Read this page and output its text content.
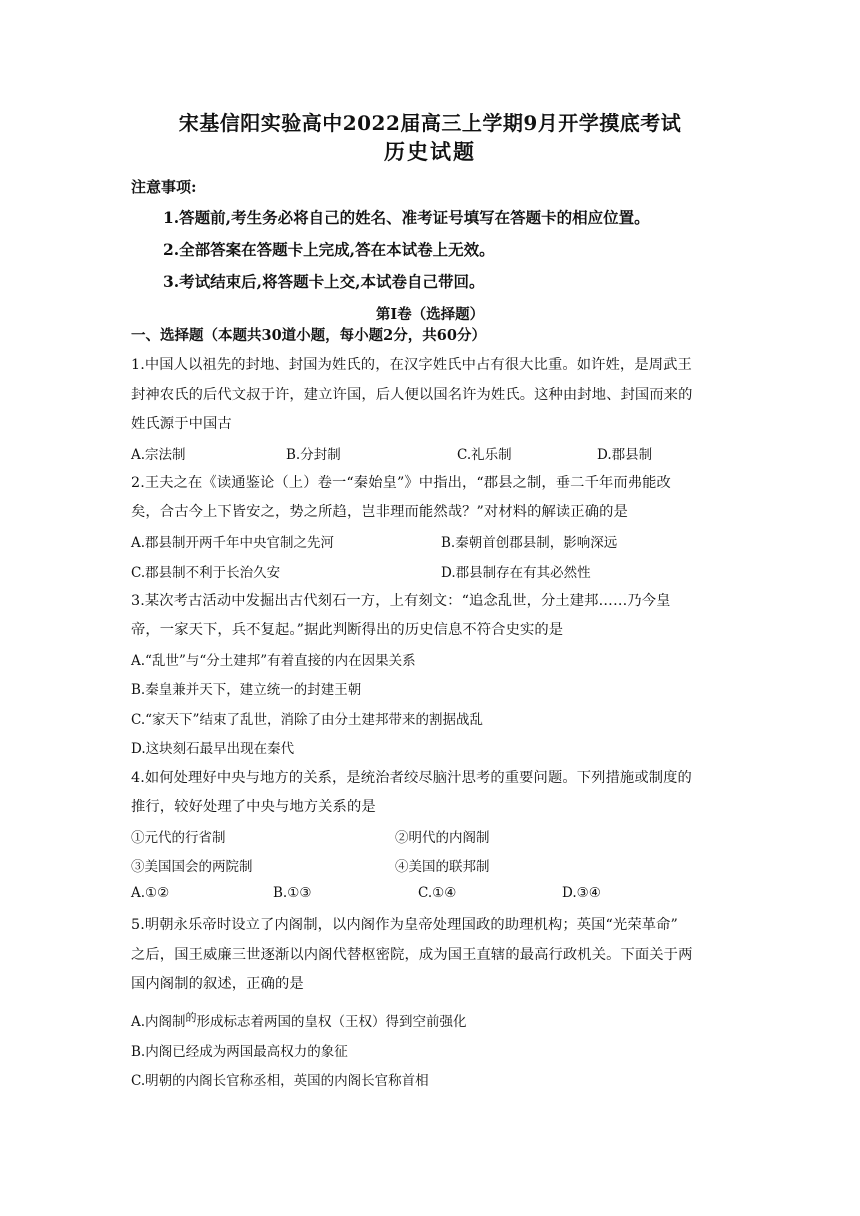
宋基信阳实验高中2022届高三上学期9月开学摸底考试
历史试题
注意事项:
1.答题前,考生务必将自己的姓名、准考证号填写在答题卡的相应位置。
2.全部答案在答题卡上完成,答在本试卷上无效。
3.考试结束后,将答题卡上交,本试卷自己带回。
第Ⅰ卷（选择题）
一、选择题（本题共30道小题，每小题2分，共60分）
1.中国人以祖先的封地、封国为姓氏的，在汉字姓氏中占有很大比重。如许姓，是周武王
封神农氏的后代文叔于许，建立许国，后人便以国名许为姓氏。这种由封地、封国而来的
姓氏源于中国古
A.宗法制	B.分封制	C.礼乐制	D.郡县制
2.王夫之在《读通鉴论（上）卷一“秦始皇”》中指出，“郡县之制，垂二千年而弗能改
矣，合古今上下皆安之，势之所趋，岂非理而能然哉？”对材料的解读正确的是
A.郡县制开两千年中央官制之先河	B.秦朝首创郡县制，影响深远
C.郡县制不利于长治久安	D.郡县制存在有其必然性
3.某次考古活动中发掘出古代刻石一方，上有刻文：“追念乱世，分土建邦……乃今皇
帝，一家天下，兵不复起。”据此判断得出的历史信息不符合史实的是
A.“乱世”与“分土建邦”有着直接的内在因果关系
B.秦皇兼并天下，建立统一的封建王朝
C.“家天下”结束了乱世，消除了由分土建邦带来的割据战乱
D.这块刻石最早出现在秦代
4.如何处理好中央与地方的关系，是统治者绞尽脑汁思考的重要问题。下列措施或制度的
推行，较好处理了中央与地方关系的是
①元代的行省制	②明代的内阁制
③美国国会的两院制	④美国的联邦制
A.①②	B.①③	C.①④	D.③④
5.明朝永乐帝时设立了内阁制，以内阁作为皇帝处理国政的助理机构；英国“光荣革命”
之后，国王威廉三世逐渐以内阁代替枢密院，成为国王直辖的最高行政机关。下面关于两
国内阁制的叙述，正确的是
A.内阁制$^的$形成标志着两国的皇权（王权）得到空前强化
B.内阁已经成为两国最高权力的象征
C.明朝的内阁长官称丞相，英国的内阁长官称首相
